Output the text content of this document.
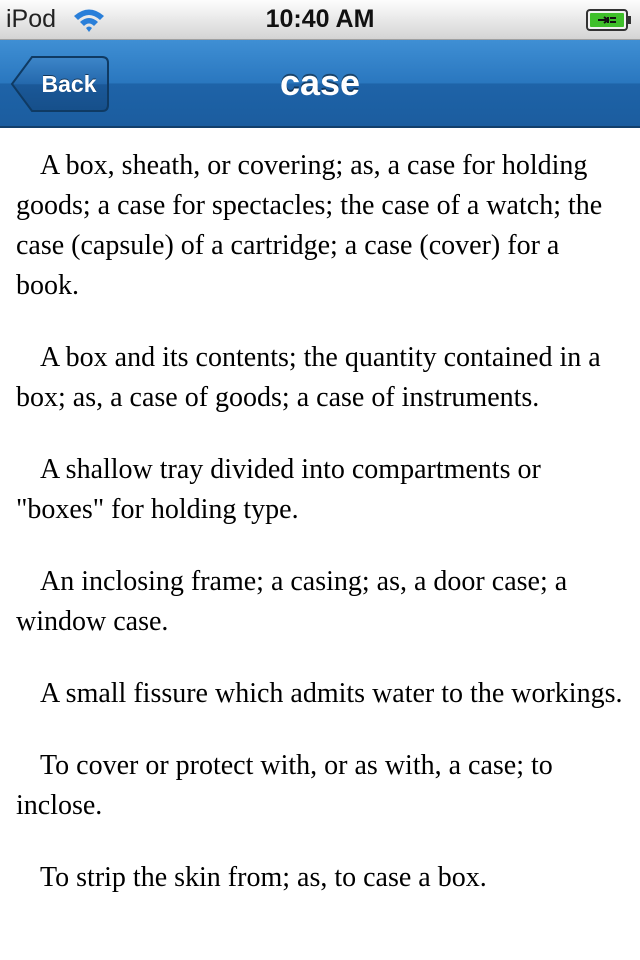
iPod	10:40 AM
Back	case

A box, sheath, or covering; as, a case for holding goods; a case for spectacles; the case of a watch; the case (capsule) of a cartridge; a case (cover) for a book.

A box and its contents; the quantity contained in a box; as, a case of goods; a case of instruments.

A shallow tray divided into compartments or "boxes" for holding type.

An inclosing frame; a casing; as, a door case; a window case.

A small fissure which admits water to the workings.

To cover or protect with, or as with, a case; to inclose.

To strip the skin from; as, to case a box.
